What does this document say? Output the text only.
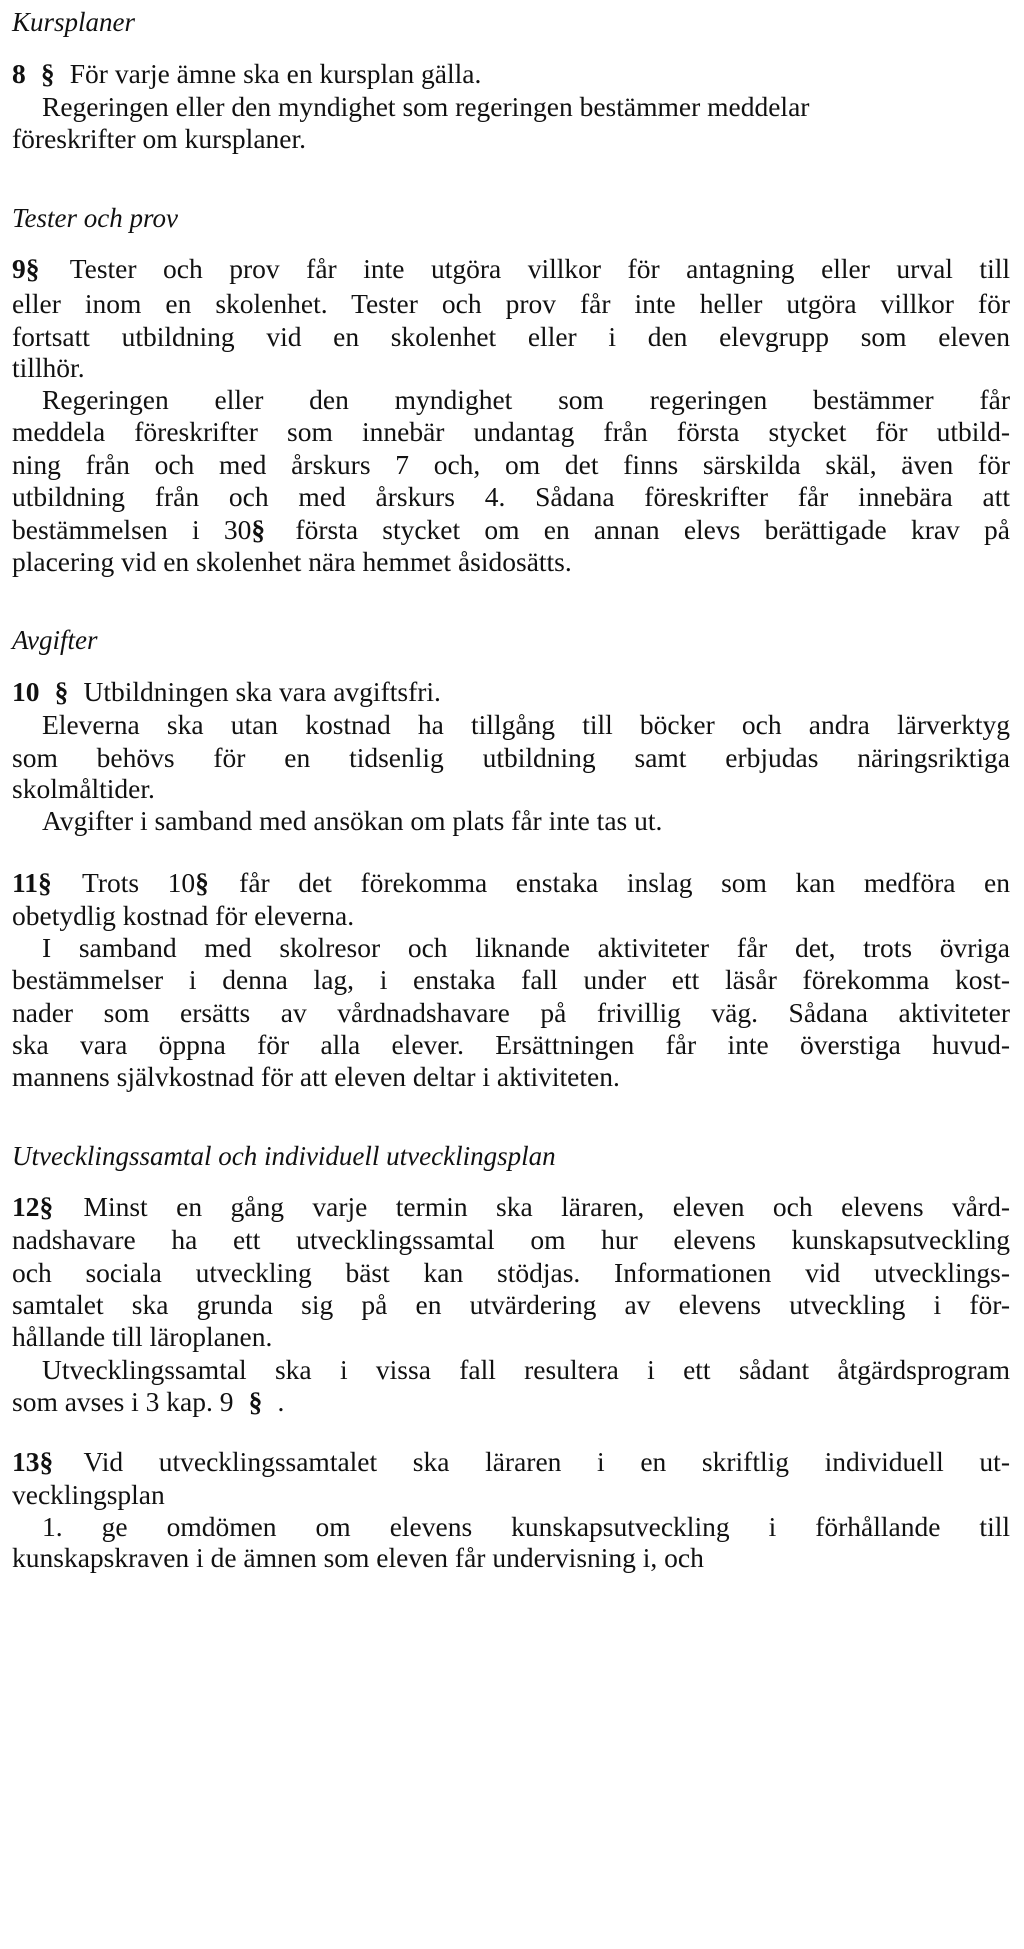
Kursplaner
8 § För varje ämne ska en kursplan gälla.
Regeringen eller den myndighet som regeringen bestämmer meddelar
föreskrifter om kursplaner.
Tester och prov
9§ Tester och prov får inte utgöra villkor för antagning eller urval till
eller inom en skolenhet. Tester och prov får inte heller utgöra villkor för
fortsatt utbildning vid en skolenhet eller i den elevgrupp som eleven
tillhör.
Regeringen eller den myndighet som regeringen bestämmer får
meddela föreskrifter som innebär undantag från första stycket för utbild-
ning från och med årskurs 7 och, om det finns särskilda skäl, även för
utbildning från och med årskurs 4. Sådana föreskrifter får innebära att
bestämmelsen i 30§ första stycket om en annan elevs berättigade krav på
placering vid en skolenhet nära hemmet åsidosätts.
Avgifter
10 § Utbildningen ska vara avgiftsfri.
Eleverna ska utan kostnad ha tillgång till böcker och andra lärverktyg
som behövs för en tidsenlig utbildning samt erbjudas näringsriktiga
skolmåltider.
Avgifter i samband med ansökan om plats får inte tas ut.
11§ Trots 10§ får det förekomma enstaka inslag som kan medföra en
obetydlig kostnad för eleverna.
I samband med skolresor och liknande aktiviteter får det, trots övriga
bestämmelser i denna lag, i enstaka fall under ett läsår förekomma kost-
nader som ersätts av vårdnadshavare på frivillig väg. Sådana aktiviteter
ska vara öppna för alla elever. Ersättningen får inte överstiga huvud-
mannens självkostnad för att eleven deltar i aktiviteten.
Utvecklingssamtal och individuell utvecklingsplan
12§ Minst en gång varje termin ska läraren, eleven och elevens vård-
nadshavare ha ett utvecklingssamtal om hur elevens kunskapsutveckling
och sociala utveckling bäst kan stödjas. Informationen vid utvecklings-
samtalet ska grunda sig på en utvärdering av elevens utveckling i för-
hållande till läroplanen.
Utvecklingssamtal ska i vissa fall resultera i ett sådant åtgärdsprogram
som avses i 3 kap. 9 § .
13§ Vid utvecklingssamtalet ska läraren i en skriftlig individuell ut-
vecklingsplan
1. ge omdömen om elevens kunskapsutveckling i förhållande till
kunskapskraven i de ämnen som eleven får undervisning i, och
